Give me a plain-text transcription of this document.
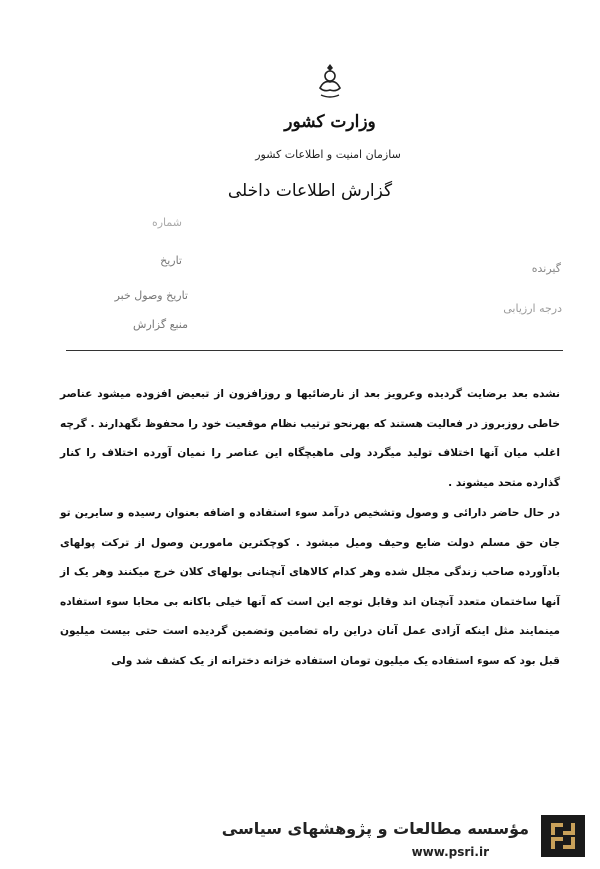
وزارت کشور
سازمان امنیت و اطلاعات کشور
گزارش اطلاعات داخلی
شماره
تاریخ
تاریخ وصول خبر
منبع گزارش
گیرنده
درجه ارزیابی
نشده بعد برضایت گردیده وعرویز بعد از نارضائیها و روزافزون از تبعیض افزوده میشود عناصر خاطی روزبروز در فعالیت هستند که بهرنحو ترتیب نظام موقعیت خود را محفوظ نگهدارند . گرچه اغلب میان آنها اختلاف تولید میگردد ولی ماهیچگاه این عناصر را نمیان آورده اختلاف را کنار گذارده متحد میشوند .
در حال حاضر دارائی و وصول وتشخیص درآمد سوء استفاده و اضافه بعنوان رسیده و سایرین تو جان حق مسلم دولت ضایع وحیف ومیل میشود . کوچکترین مامورین وصول از ترکت پولهای بادآورده صاحب زندگی مجلل شده وهر کدام کالاهای آنچنانی بولهای کلان خرج میکنند وهر یک از آنها ساختمان متعدد آنچنان اند وقابل توجه این است که آنها خیلی باکانه بی محابا سوء استفاده مینمایند مثل اینکه آزادی عمل آنان دراین راه تضامین وتضمین گردیده است حتی بیست میلیون قبل بود که سوء استفاده یک میلیون تومان استفاده خزانه دخترانه از یک کشف شد ولی
مؤسسه مطالعات و پژوهشهای سیاسی
www.psri.ir
